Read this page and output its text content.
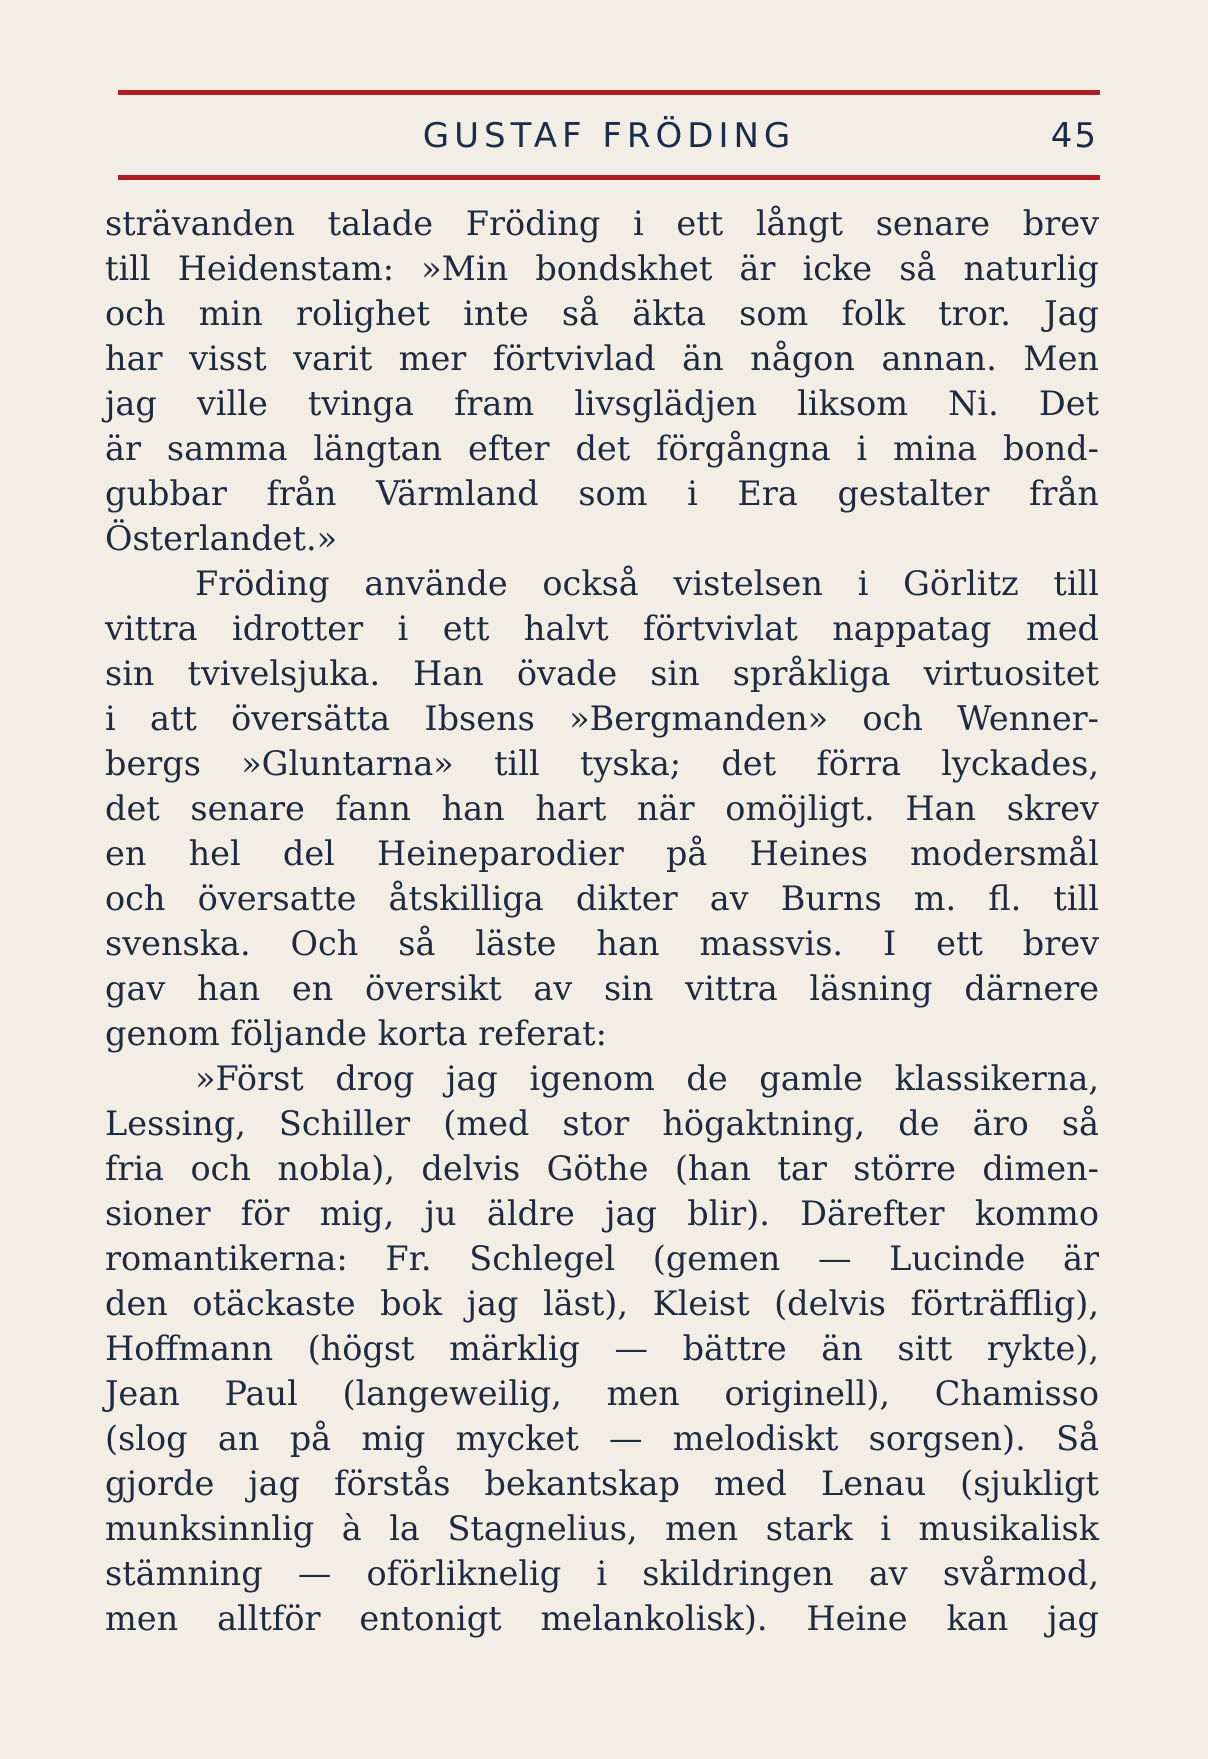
GUSTAF FRÖDING	45
strävanden talade Fröding i ett långt senare brev
till Heidenstam: »Min bondskhet är icke så naturlig
och min rolighet inte så äkta som folk tror. Jag
har visst varit mer förtvivlad än någon annan. Men
jag ville tvinga fram livsglädjen liksom Ni. Det
är samma längtan efter det förgångna i mina bond-
gubbar från Värmland som i Era gestalter från
Österlandet.»
Fröding använde också vistelsen i Görlitz till
vittra idrotter i ett halvt förtvivlat nappatag med
sin tvivelsjuka. Han övade sin språkliga virtuositet
i att översätta Ibsens »Bergmanden» och Wenner-
bergs »Gluntarna» till tyska; det förra lyckades,
det senare fann han hart när omöjligt. Han skrev
en hel del Heineparodier på Heines modersmål
och översatte åtskilliga dikter av Burns m. fl. till
svenska. Och så läste han massvis. I ett brev
gav han en översikt av sin vittra läsning därnere
genom följande korta referat:
»Först drog jag igenom de gamle klassikerna,
Lessing, Schiller (med stor högaktning, de äro så
fria och nobla), delvis Göthe (han tar större dimen-
sioner för mig, ju äldre jag blir). Därefter kommo
romantikerna: Fr. Schlegel (gemen — Lucinde är
den otäckaste bok jag läst), Kleist (delvis förträfflig),
Hoffmann (högst märklig — bättre än sitt rykte),
Jean Paul (langeweilig, men originell), Chamisso
(slog an på mig mycket — melodiskt sorgsen). Så
gjorde jag förstås bekantskap med Lenau (sjukligt
munksinnlig à la Stagnelius, men stark i musikalisk
stämning — oförliknelig i skildringen av svårmod,
men alltför entonigt melankolisk). Heine kan jag
